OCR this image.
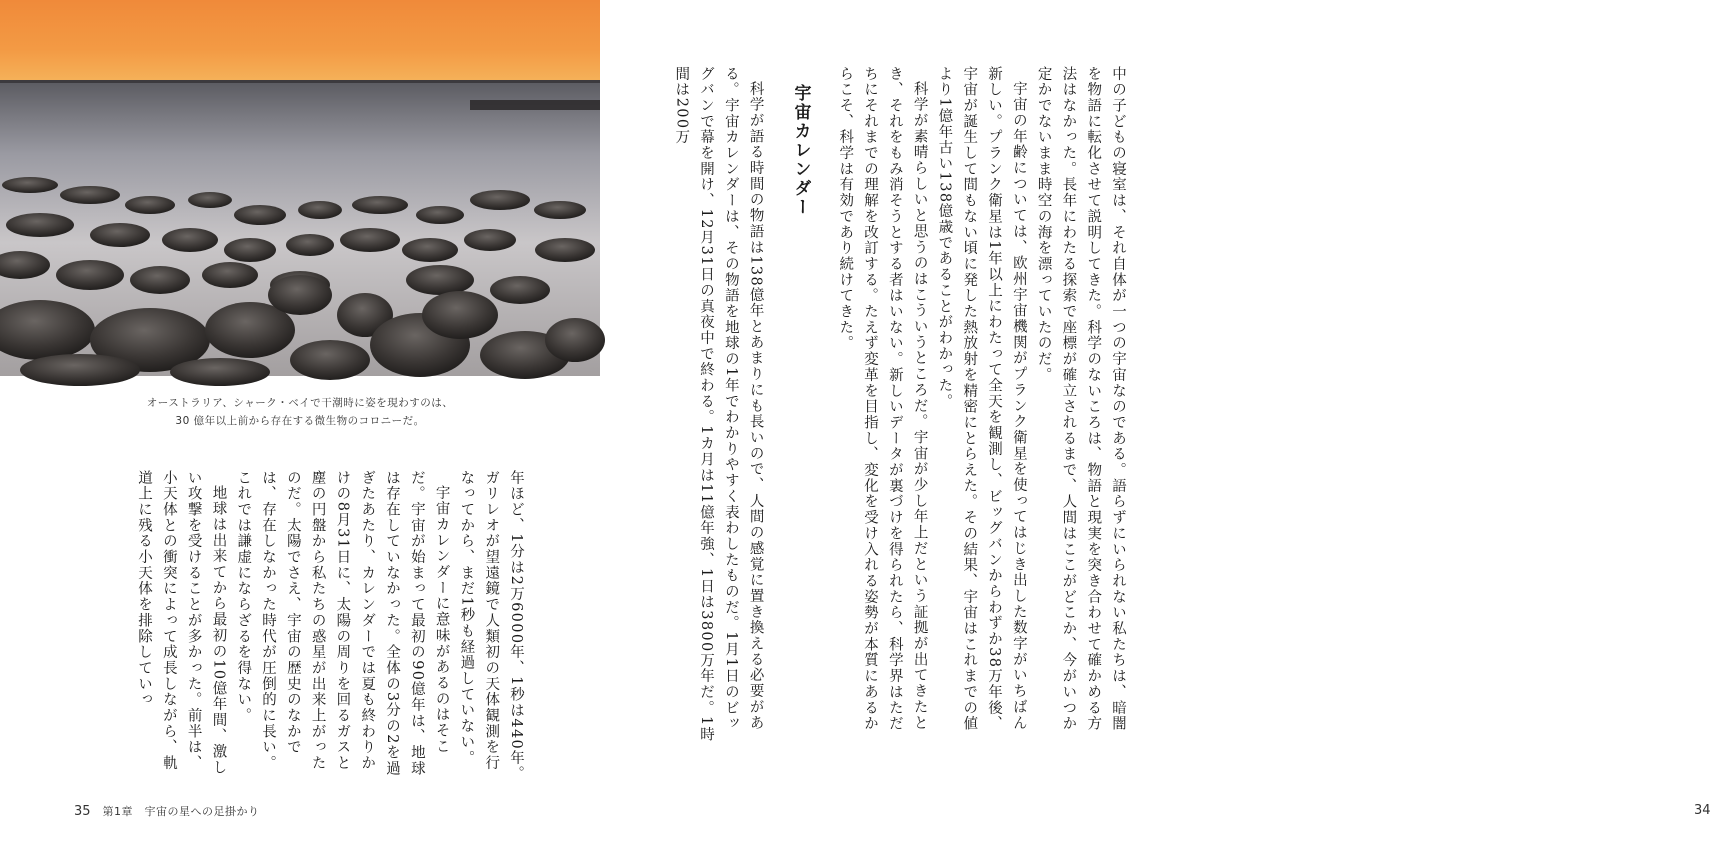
オーストラリア、シャーク・ベイで干潮時に姿を現わすのは、
30 億年以上前から存在する微生物のコロニーだ。

年ほど、1分は2万6000年、1秒は440年。ガリレオが望遠鏡で人類初の天体観測を行なってから、まだ1秒も経過していない。

宇宙カレンダーに意味があるのはそこだ。宇宙が始まって最初の90億年は、地球は存在していなかった。全体の3分の2を過ぎたあたり、カレンダーでは夏も終わりかけの8月31日に、太陽の周りを回るガスと塵の円盤から私たちの惑星が出来上がったのだ。太陽でさえ、宇宙の歴史のなかでは、存在しなかった時代が圧倒的に長い。これでは謙虚にならざるを得ない。

地球は出来てから最初の10億年間、激しい攻撃を受けることが多かった。前半は、小天体との衝突によって成長しながら、軌道上に残る小天体を排除していっ

35 第1章　宇宙の星への足掛かり

中の子どもの寝室は、それ自体が一つの宇宙なのである。語らずにいられない私たちは、暗闇を物語に転化させて説明してきた。科学のないころは、物語と現実を突き合わせて確かめる方法はなかった。長年にわたる探索で座標が確立されるまで、人間はここがどこか、今がいつか定かでないまま時空の海を漂っていたのだ。

宇宙の年齢については、欧州宇宙機関がプランク衛星を使ってはじき出した数字がいちばん新しい。プランク衛星は1年以上にわたって全天を観測し、ビッグバンからわずか38万年後、宇宙が誕生して間もない頃に発した熱放射を精密にとらえた。その結果、宇宙はこれまでの値より1億年古い138億歳であることがわかった。

科学が素晴らしいと思うのはこういうところだ。宇宙が少し年上だという証拠が出てきたとき、それをもみ消そうとする者はいない。新しいデータが裏づけを得られたら、科学界はただちにそれまでの理解を改訂する。たえず変革を目指し、変化を受け入れる姿勢が本質にあるからこそ、科学は有効であり続けてきた。

宇宙カレンダー

科学が語る時間の物語は138億年とあまりにも長いので、人間の感覚に置き換える必要がある。宇宙カレンダーは、その物語を地球の1年でわかりやすく表わしたものだ。1月1日のビッグバンで幕を開け、12月31日の真夜中で終わる。1カ月は11億年強、1日は3800万年だ。1時間は200万

34
